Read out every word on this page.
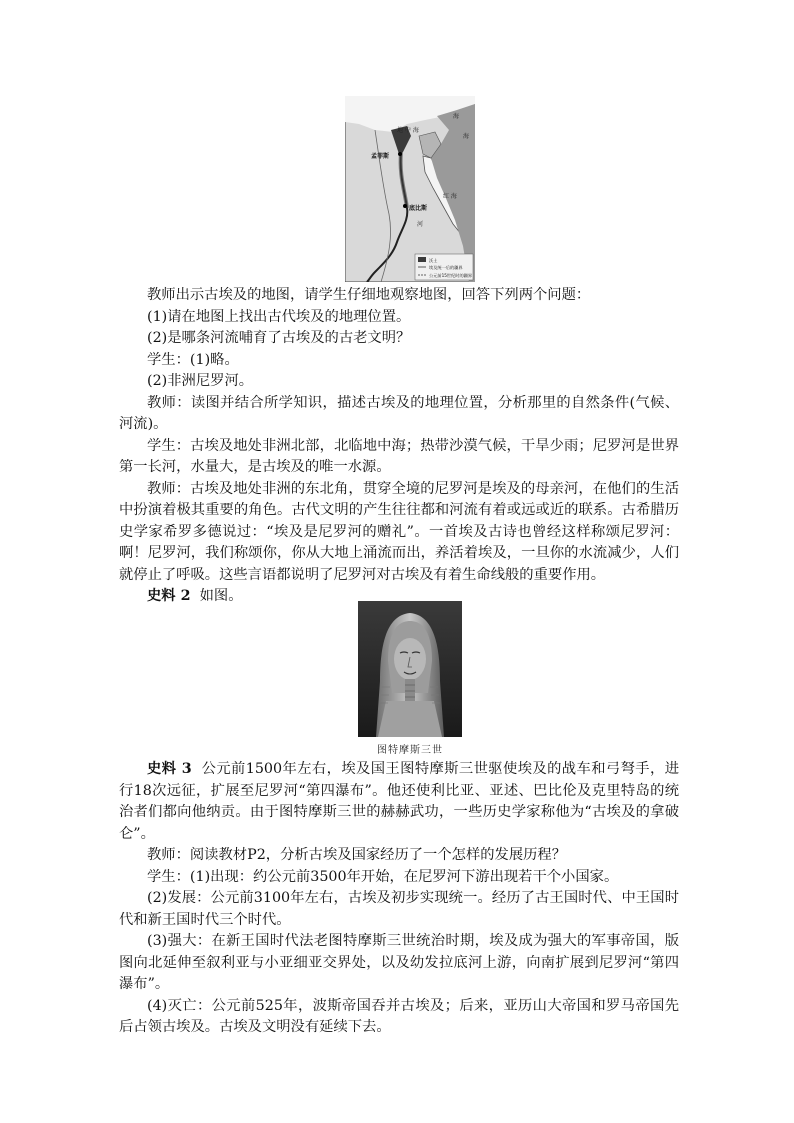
地 中 海
海
海
红 海
河
孟菲斯
底比斯
沃土
埃及统一后的疆界
公元前15世纪时的疆界

教师出示古埃及的地图，请学生仔细地观察地图，回答下列两个问题：

(1)请在地图上找出古代埃及的地理位置。

(2)是哪条河流哺育了古埃及的古老文明？

学生：(1)略。

(2)非洲尼罗河。

教师：读图并结合所学知识，描述古埃及的地理位置，分析那里的自然条件(气候、河流)。

学生：古埃及地处非洲北部，北临地中海；热带沙漠气候，干旱少雨；尼罗河是世界第一长河，水量大，是古埃及的唯一水源。

教师：古埃及地处非洲的东北角，贯穿全境的尼罗河是埃及的母亲河，在他们的生活中扮演着极其重要的角色。古代文明的产生往往都和河流有着或远或近的联系。古希腊历史学家希罗多德说过：“埃及是尼罗河的赠礼”。一首埃及古诗也曾经这样称颂尼罗河：啊！尼罗河，我们称颂你，你从大地上涌流而出，养活着埃及，一旦你的水流减少，人们就停止了呼吸。这些言语都说明了尼罗河对古埃及有着生命线般的重要作用。

史料 2 如图。

图特摩斯三世

史料 3 公元前1500年左右，埃及国王图特摩斯三世驱使埃及的战车和弓弩手，进行18次远征，扩展至尼罗河“第四瀑布”。他还使利比亚、亚述、巴比伦及克里特岛的统治者们都向他纳贡。由于图特摩斯三世的赫赫武功，一些历史学家称他为“古埃及的拿破仑”。

教师：阅读教材P2，分析古埃及国家经历了一个怎样的发展历程？

学生：(1)出现：约公元前3500年开始，在尼罗河下游出现若干个小国家。

(2)发展：公元前3100年左右，古埃及初步实现统一。经历了古王国时代、中王国时代和新王国时代三个时代。

(3)强大：在新王国时代法老图特摩斯三世统治时期，埃及成为强大的军事帝国，版图向北延伸至叙利亚与小亚细亚交界处，以及幼发拉底河上游，向南扩展到尼罗河“第四瀑布”。

(4)灭亡：公元前525年，波斯帝国吞并古埃及；后来，亚历山大帝国和罗马帝国先后占领古埃及。古埃及文明没有延续下去。
